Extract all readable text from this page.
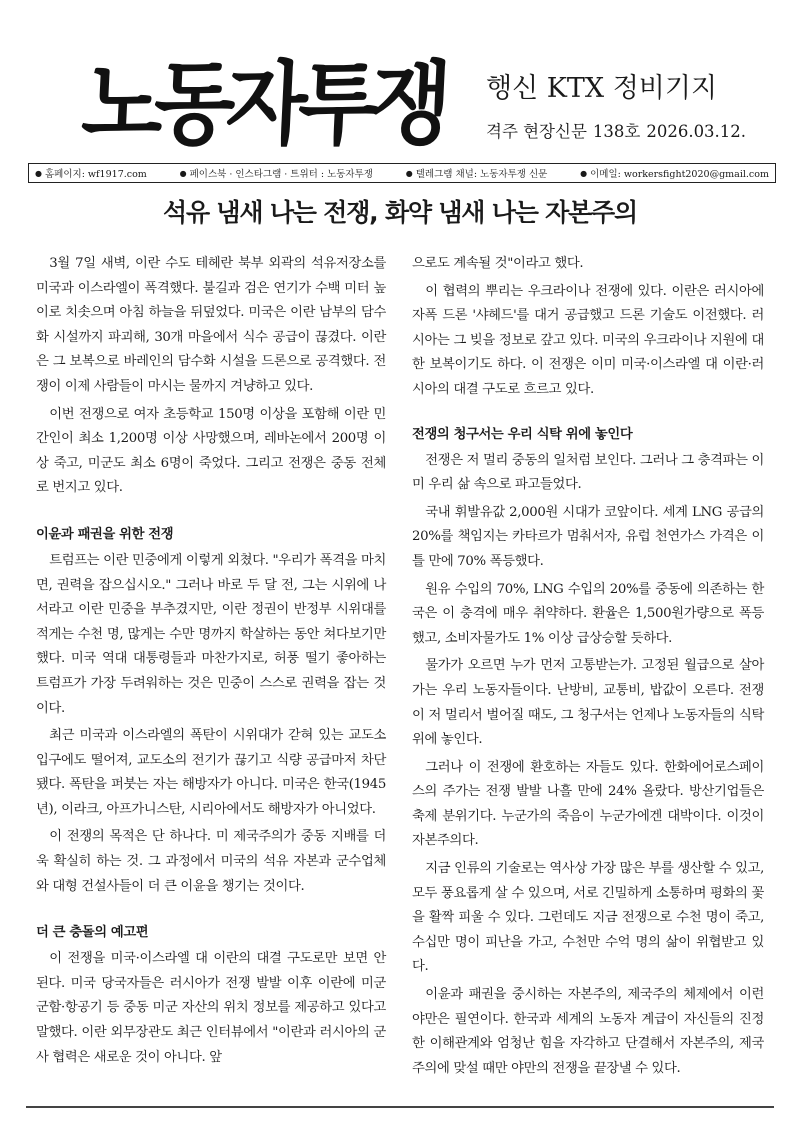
노동자투쟁	행신 KTX 정비기지
격주 현장신문 138호 2026.03.12.
● 홈페이지: wf1917.com	● 페이스북 · 인스타그램 · 트위터 : 노동자투쟁	● 텔레그램 채널: 노동자투쟁 신문	● 이메일: workersfight2020@gmail.com
석유 냄새 나는 전쟁, 화약 냄새 나는 자본주의

3월 7일 새벽, 이란 수도 테헤란 북부 외곽의 석유저장소를 미국과 이스라엘이 폭격했다. 불길과 검은 연기가 수백 미터 높이로 치솟으며 아침 하늘을 뒤덮었다. 미국은 이란 남부의 담수화 시설까지 파괴해, 30개 마을에서 식수 공급이 끊겼다. 이란은 그 보복으로 바레인의 담수화 시설을 드론으로 공격했다. 전쟁이 이제 사람들이 마시는 물까지 겨냥하고 있다.

이번 전쟁으로 여자 초등학교 150명 이상을 포함해 이란 민간인이 최소 1,200명 이상 사망했으며, 레바논에서 200명 이상 죽고, 미군도 최소 6명이 죽었다. 그리고 전쟁은 중동 전체로 번지고 있다.

이윤과 패권을 위한 전쟁

트럼프는 이란 민중에게 이렇게 외쳤다. "우리가 폭격을 마치면, 권력을 잡으십시오." 그러나 바로 두 달 전, 그는 시위에 나서라고 이란 민중을 부추겼지만, 이란 정권이 반정부 시위대를 적게는 수천 명, 많게는 수만 명까지 학살하는 동안 쳐다보기만 했다. 미국 역대 대통령들과 마찬가지로, 허풍 떨기 좋아하는 트럼프가 가장 두려워하는 것은 민중이 스스로 권력을 잡는 것이다.

최근 미국과 이스라엘의 폭탄이 시위대가 갇혀 있는 교도소 입구에도 떨어져, 교도소의 전기가 끊기고 식량 공급마저 차단됐다. 폭탄을 퍼붓는 자는 해방자가 아니다. 미국은 한국(1945년), 이라크, 아프가니스탄, 시리아에서도 해방자가 아니었다.

이 전쟁의 목적은 단 하나다. 미 제국주의가 중동 지배를 더욱 확실히 하는 것. 그 과정에서 미국의 석유 자본과 군수업체와 대형 건설사들이 더 큰 이윤을 챙기는 것이다.

더 큰 충돌의 예고편

이 전쟁을 미국·이스라엘 대 이란의 대결 구도로만 보면 안 된다. 미국 당국자들은 러시아가 전쟁 발발 이후 이란에 미군 군함·항공기 등 중동 미군 자산의 위치 정보를 제공하고 있다고 말했다. 이란 외무장관도 최근 인터뷰에서 "이란과 러시아의 군사 협력은 새로운 것이 아니다. 앞

으로도 계속될 것"이라고 했다.

이 협력의 뿌리는 우크라이나 전쟁에 있다. 이란은 러시아에 자폭 드론 '샤헤드'를 대거 공급했고 드론 기술도 이전했다. 러시아는 그 빚을 정보로 갚고 있다. 미국의 우크라이나 지원에 대한 보복이기도 하다. 이 전쟁은 이미 미국·이스라엘 대 이란·러시아의 대결 구도로 흐르고 있다.

전쟁의 청구서는 우리 식탁 위에 놓인다

전쟁은 저 멀리 중동의 일처럼 보인다. 그러나 그 충격파는 이미 우리 삶 속으로 파고들었다.

국내 휘발유값 2,000원 시대가 코앞이다. 세계 LNG 공급의 20%를 책임지는 카타르가 멈춰서자, 유럽 천연가스 가격은 이틀 만에 70% 폭등했다.

원유 수입의 70%, LNG 수입의 20%를 중동에 의존하는 한국은 이 충격에 매우 취약하다. 환율은 1,500원가량으로 폭등했고, 소비자물가도 1% 이상 급상승할 듯하다.

물가가 오르면 누가 먼저 고통받는가. 고정된 월급으로 살아가는 우리 노동자들이다. 난방비, 교통비, 밥값이 오른다. 전쟁이 저 멀리서 벌어질 때도, 그 청구서는 언제나 노동자들의 식탁 위에 놓인다.

그러나 이 전쟁에 환호하는 자들도 있다. 한화에어로스페이스의 주가는 전쟁 발발 나흘 만에 24% 올랐다. 방산기업들은 축제 분위기다. 누군가의 죽음이 누군가에겐 대박이다. 이것이 자본주의다.

지금 인류의 기술로는 역사상 가장 많은 부를 생산할 수 있고, 모두 풍요롭게 살 수 있으며, 서로 긴밀하게 소통하며 평화의 꽃을 활짝 피울 수 있다. 그런데도 지금 전쟁으로 수천 명이 죽고, 수십만 명이 피난을 가고, 수천만 수억 명의 삶이 위협받고 있다.

이윤과 패권을 중시하는 자본주의, 제국주의 체제에서 이런 야만은 필연이다. 한국과 세계의 노동자 계급이 자신들의 진정한 이해관계와 엄청난 힘을 자각하고 단결해서 자본주의, 제국주의에 맞설 때만 야만의 전쟁을 끝장낼 수 있다.
